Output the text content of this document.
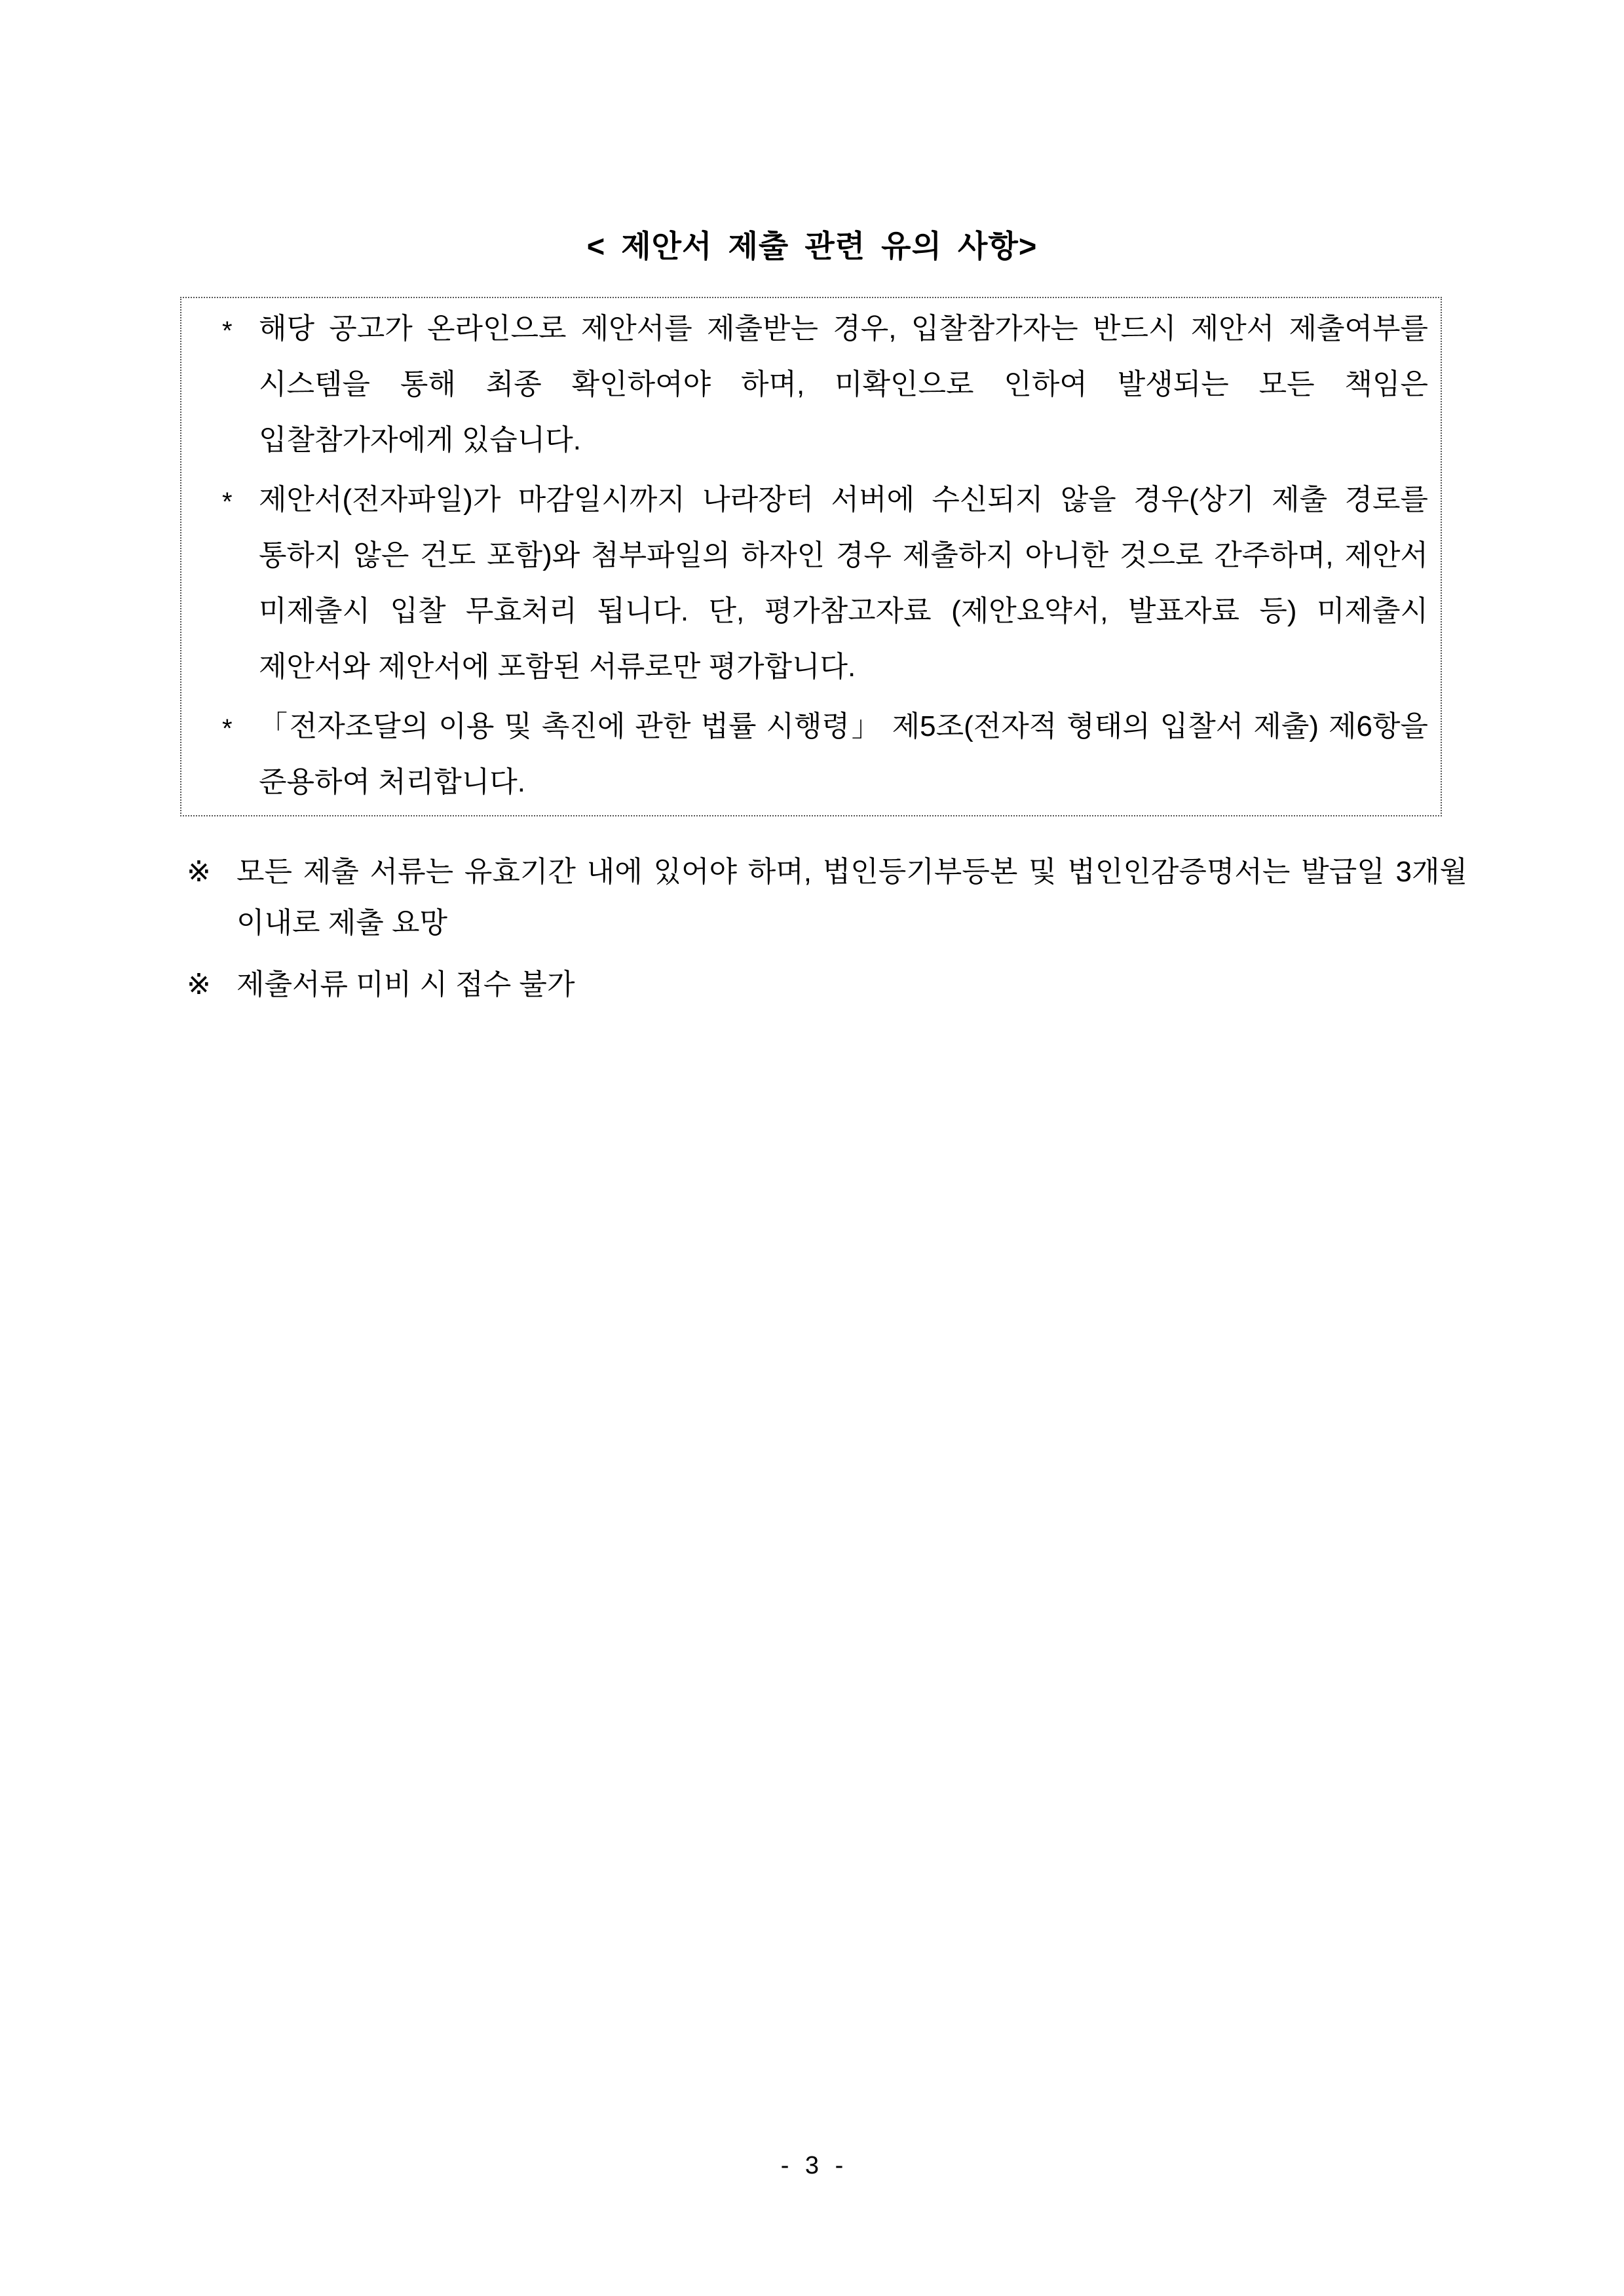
< 제안서 제출 관련 유의 사항>
* 해당 공고가 온라인으로 제안서를 제출받는 경우, 입찰참가자는 반드시 제안서 제출여부를 시스템을 통해 최종 확인하여야 하며, 미확인으로 인하여 발생되는 모든 책임은 입찰참가자에게 있습니다.

* 제안서(전자파일)가 마감일시까지 나라장터 서버에 수신되지 않을 경우(상기 제출 경로를 통하지 않은 건도 포함)와 첨부파일의 하자인 경우 제출하지 아니한 것으로 간주하며, 제안서 미제출시 입찰 무효처리 됩니다. 단, 평가참고자료 (제안요약서, 발표자료 등) 미제출시 제안서와 제안서에 포함된 서류로만 평가합니다.

* 「전자조달의 이용 및 촉진에 관한 법률 시행령」 제5조(전자적 형태의 입찰서 제출) 제6항을 준용하여 처리합니다.

※ 모든 제출 서류는 유효기간 내에 있어야 하며, 법인등기부등본 및 법인인감증명서는 발급일 3개월 이내로 제출 요망

※ 제출서류 미비 시 접수 불가

- 3 -
